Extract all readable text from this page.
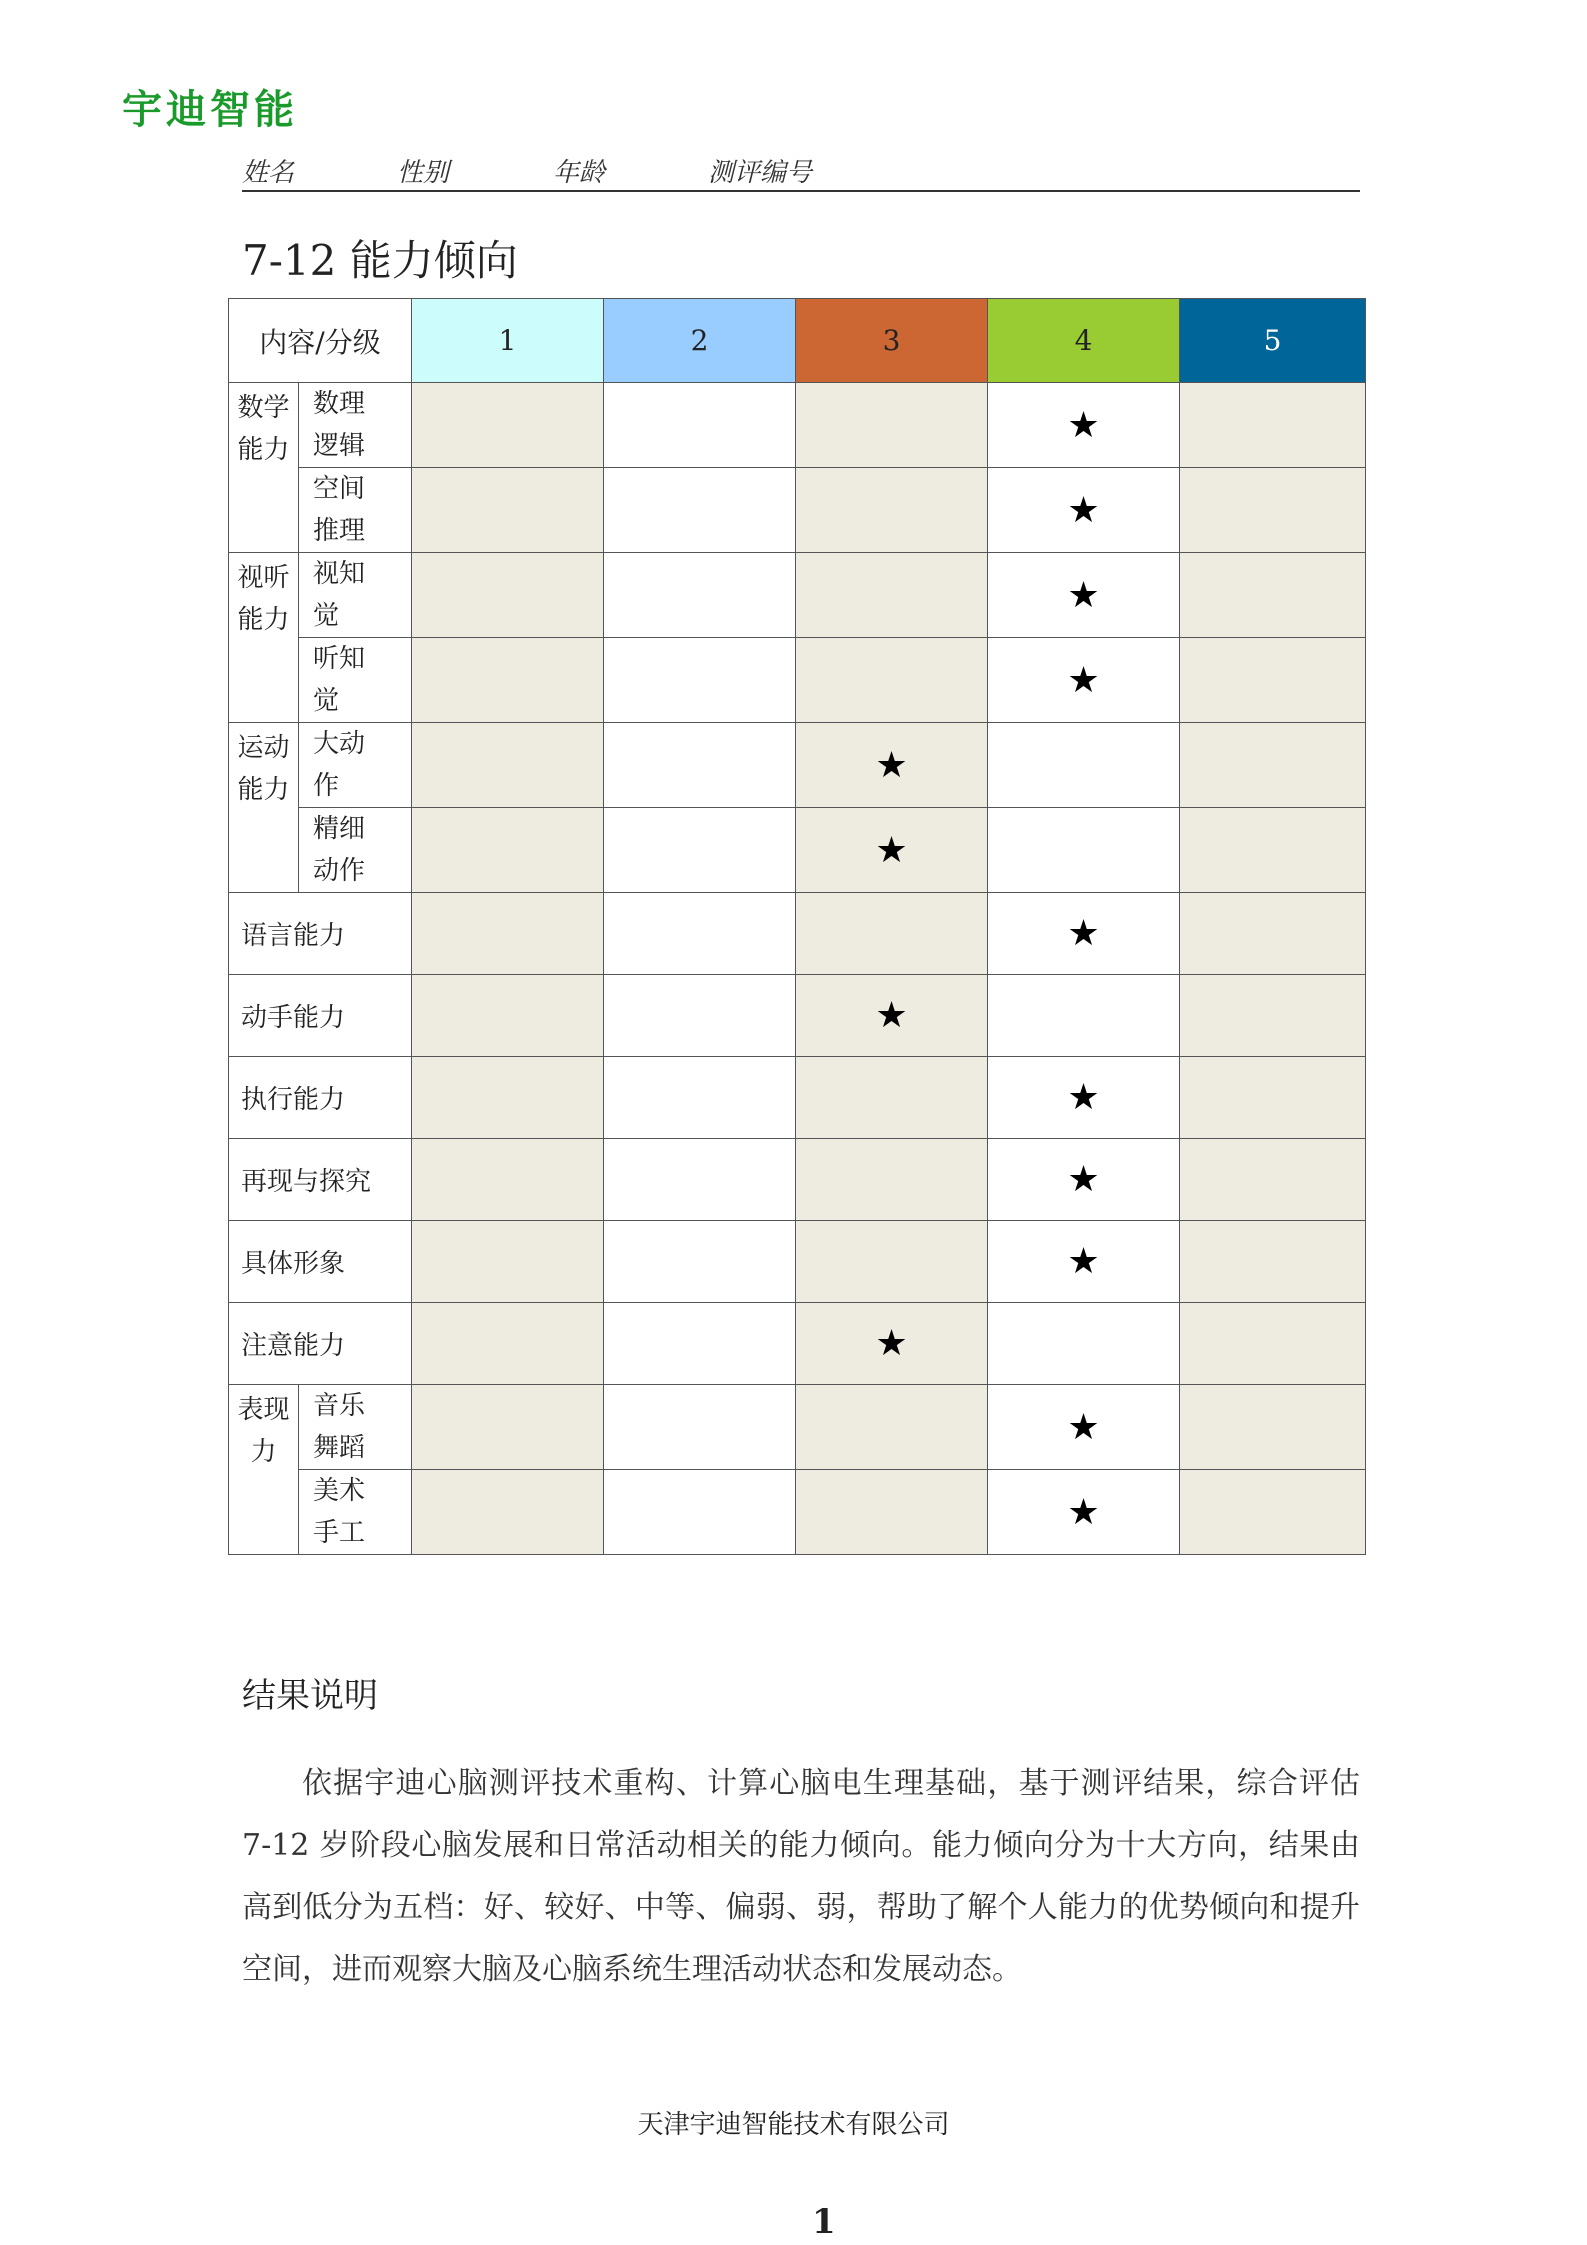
宇迪智能
姓名	性别	年龄	测评编号
7-12 能力倾向
内容/分级		1	2	3	4	5
数学能力	数理逻辑				★	
	空间推理				★	
视听能力	视知觉				★	
	听知觉				★	
运动能力	大动作			★		
	精细动作			★		
语言能力					★	
动手能力				★		
执行能力					★	
再现与探究					★	
具体形象					★	
注意能力				★		
表现力	音乐舞蹈				★	
	美术手工				★	
结果说明
依据宇迪心脑测评技术重构、计算心脑电生理基础，基于测评结果，综合评估 7-12 岁阶段心脑发展和日常活动相关的能力倾向。能力倾向分为十大方向，结果由高到低分为五档：好、较好、中等、偏弱、弱，帮助了解个人能力的优势倾向和提升空间，进而观察大脑及心脑系统生理活动状态和发展动态。
天津宇迪智能技术有限公司
1
